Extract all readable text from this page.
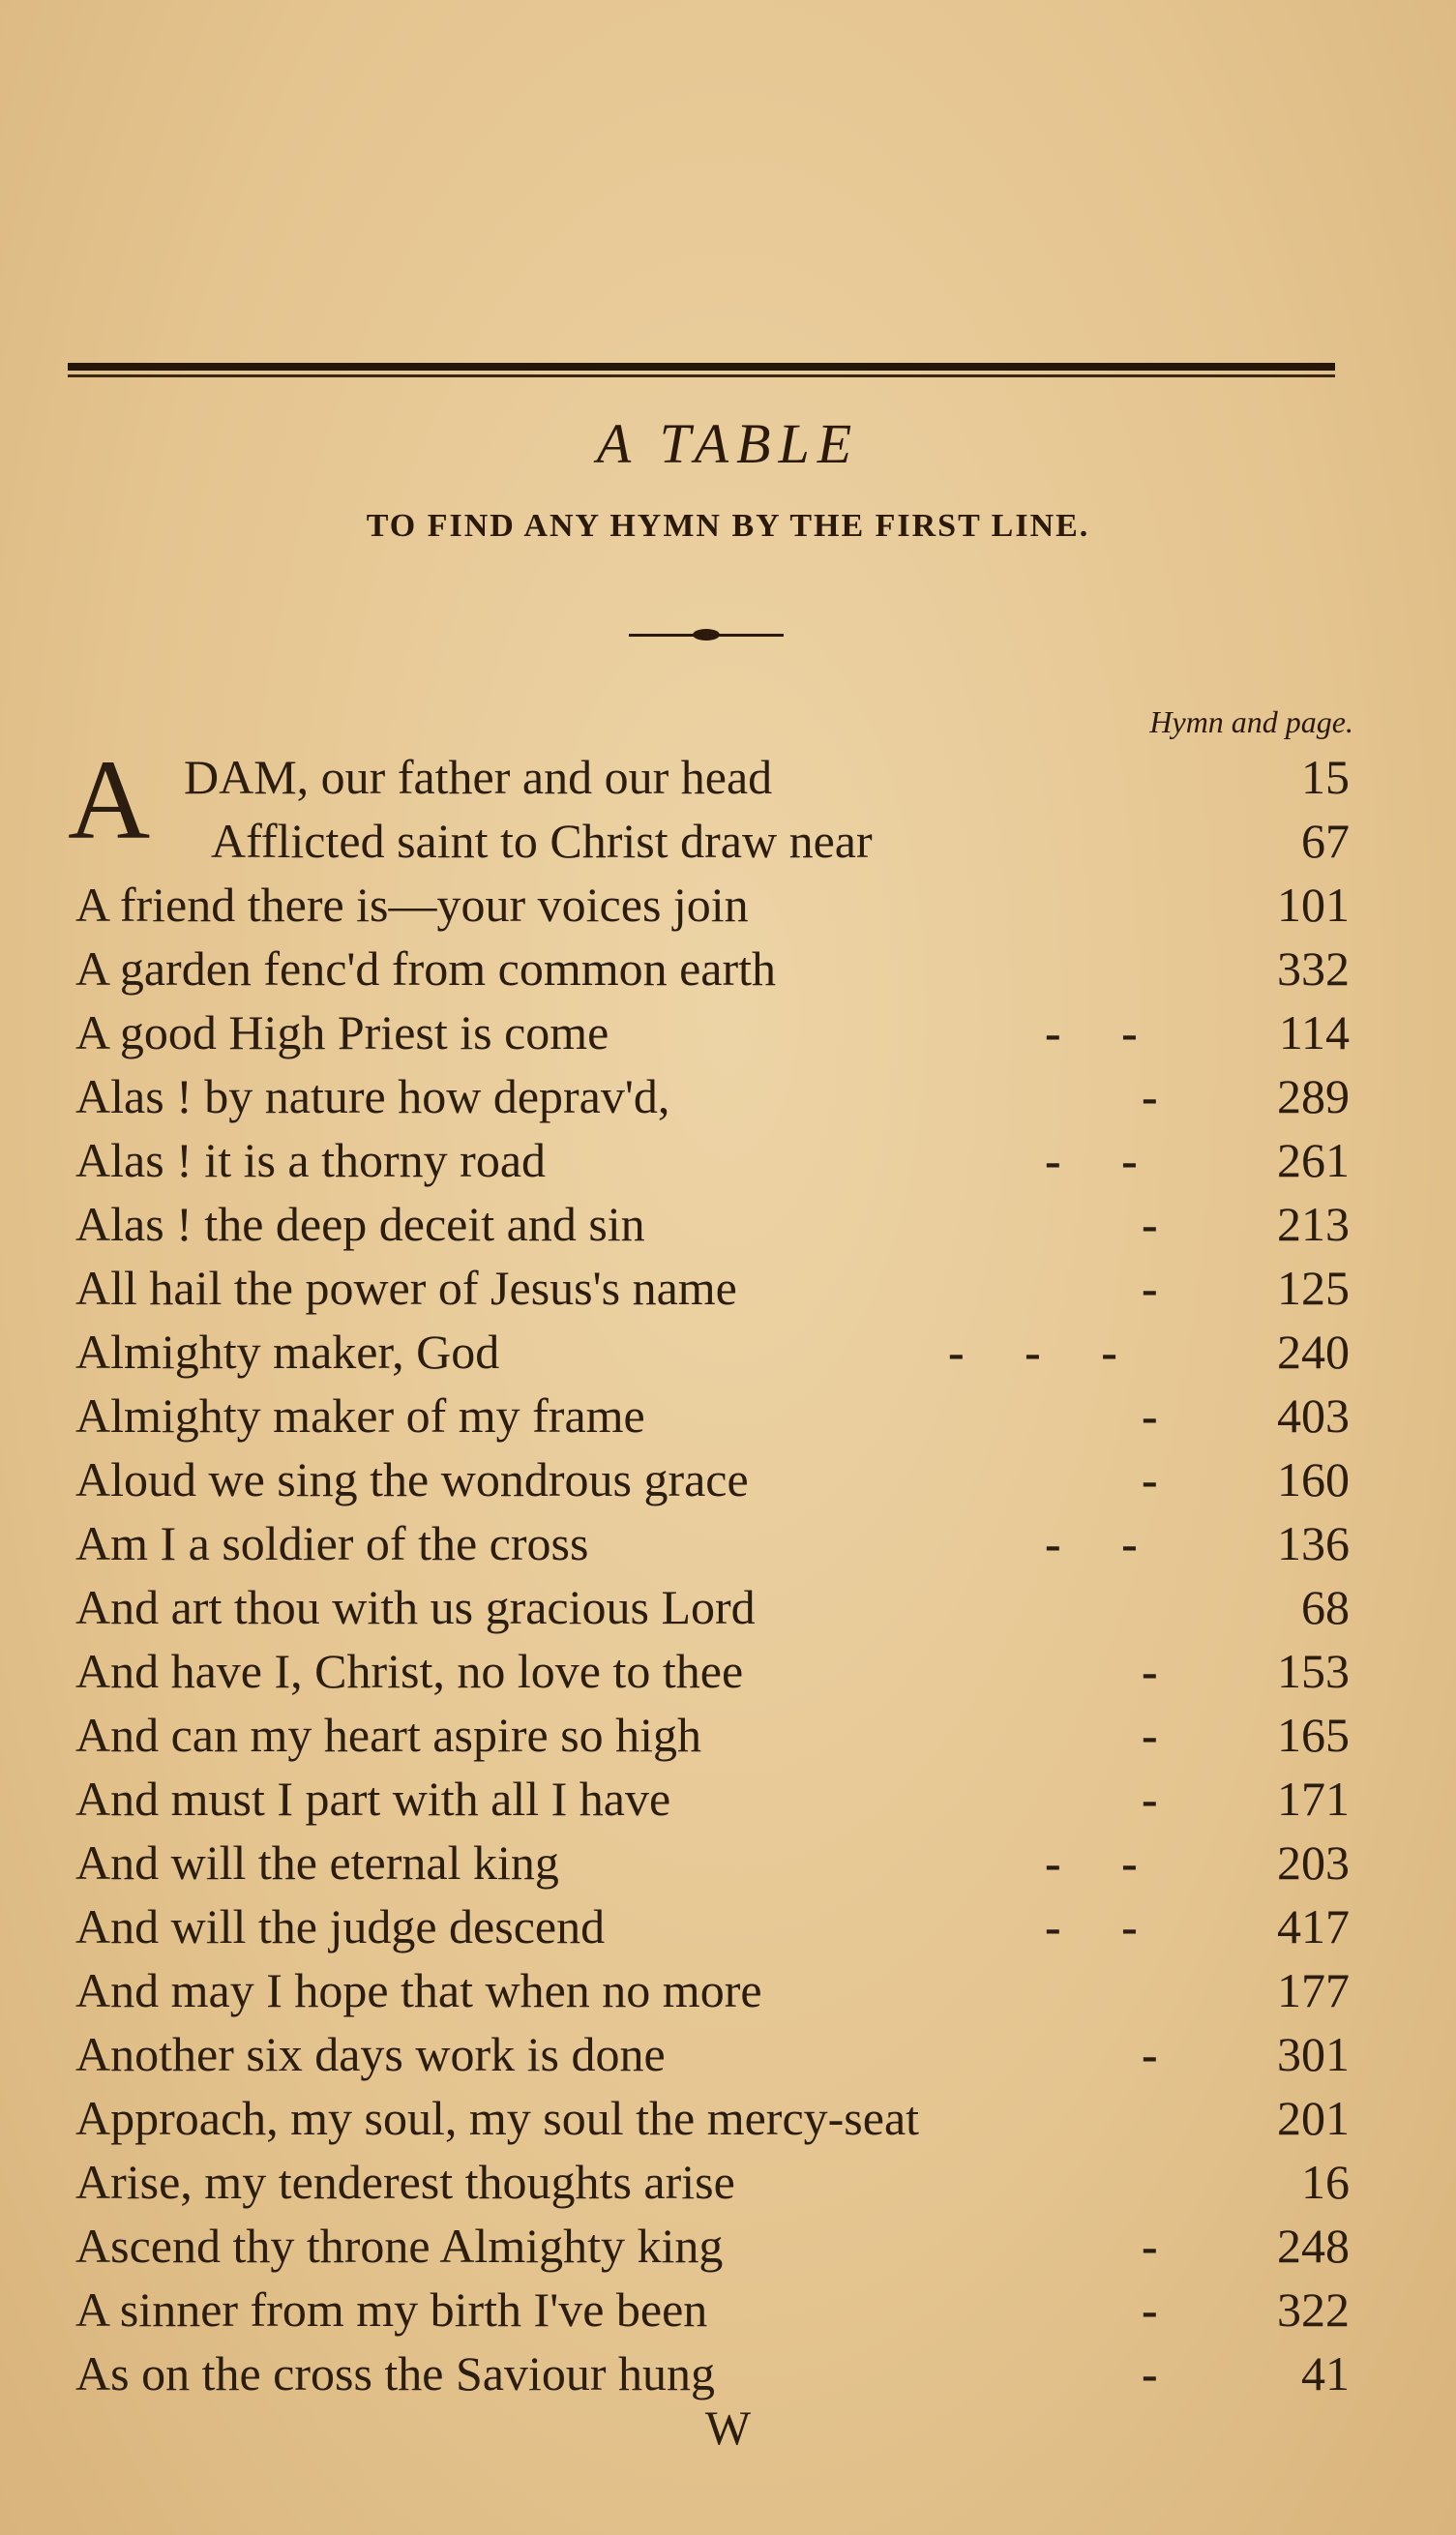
A TABLE
TO FIND ANY HYMN BY THE FIRST LINE.
Hymn and page.
A DAM, our father and our head	15
Afflicted saint to Christ draw near	67
A friend there is—your voices join	101
A garden fenc'd from common earth	332
A good High Priest is come	-     -	114
Alas ! by nature how deprav'd,	- 289
Alas ! it is a thorny road	-     -	261
Alas ! the deep deceit and sin	- 213
All hail the power of Jesus's name	- 125
Almighty maker, God	-     -     -	240
Almighty maker of my frame	- 403
Aloud we sing the wondrous grace	- 160
Am I a soldier of the cross	-     -	136
And art thou with us gracious Lord	68
And have I, Christ, no love to thee	- 153
And can my heart aspire so high	- 165
And must I part with all I have	- 171
And will the eternal king	-     -	203
And will the judge descend	-     -	417
And may I hope that when no more	177
Another six days work is done	- 301
Approach, my soul, my soul the mercy-seat	201
Arise, my tenderest thoughts arise	16
Ascend thy throne Almighty king	- 248
A sinner from my birth I've been	- 322
As on the cross the Saviour hung	-	41
W
